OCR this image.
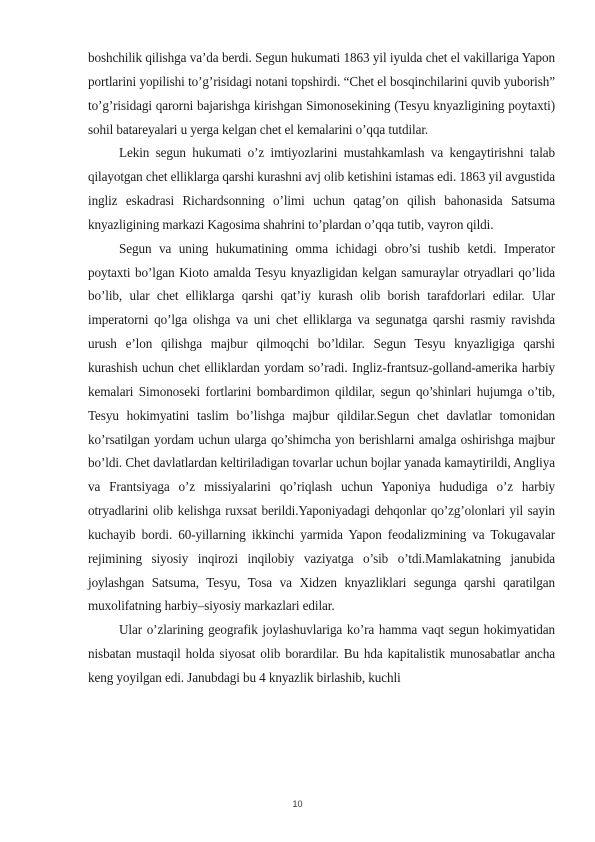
boshchilik qilishga va’da berdi. Segun hukumati 1863 yil iyulda chet el vakillariga Yapon portlarini yopilishi to’g’risidagi notani topshirdi. “Chet el bosqinchilarini quvib yuborish” to’g’risidagi qarorni bajarishga kirishgan Simonosekining (Tesyu knyazligining poytaxti) sohil batareyalari u yerga kelgan chet el kemalarini o’qqa tutdilar.

Lekin segun hukumati o’z imtiyozlarini mustahkamlash va kengaytirishni talab qilayotgan chet elliklarga qarshi kurashni avj olib ketishini istamas edi. 1863 yil avgustida ingliz eskadrasi Richardsonning o’limi uchun qatag’on qilish bahonasida Satsuma knyazligining markazi Kagosima shahrini to’plardan o’qqa tutib, vayron qildi.

Segun va uning hukumatining omma ichidagi obro’si tushib ketdi. Imperator poytaxti bo’lgan Kioto amalda Tesyu knyazligidan kelgan samuraylar otryadlari qo’lida bo’lib, ular chet elliklarga qarshi qat’iy kurash olib borish tarafdorlari edilar. Ular imperatorni qo’lga olishga va uni chet elliklarga va segunatga qarshi rasmiy ravishda urush e’lon qilishga majbur qilmoqchi bo’ldilar. Segun Tesyu knyazligiga qarshi kurashish uchun chet elliklardan yordam so’radi. Ingliz-frantsuz-golland-amerika harbiy kemalari Simonoseki fortlarini bombardimon qildilar, segun qo’shinlari hujumga o’tib, Tesyu hokimyatini taslim bo’lishga majbur qildilar.Segun chet davlatlar tomonidan ko’rsatilgan yordam uchun ularga qo’shimcha yon berishlarni amalga oshirishga majbur bo’ldi. Chet davlatlardan keltiriladigan tovarlar uchun bojlar yanada kamaytirildi, Angliya va Frantsiyaga o’z missiyalarini qo’riqlash uchun Yaponiya hududiga o’z harbiy otryadlarini olib kelishga ruxsat berildi.Yaponiyadagi dehqonlar qo’zg’olonlari yil sayin kuchayib bordi. 60-yillarning ikkinchi yarmida Yapon feodalizmining va Tokugavalar rejimining siyosiy inqirozi inqilobiy vaziyatga o’sib o’tdi.Mamlakatning janubida joylashgan Satsuma, Tesyu, Tosa va Xidzen knyazliklari segunga qarshi qaratilgan muxolifatning harbiy–siyosiy markazlari edilar.

Ular o’zlarining geografik joylashuvlariga ko’ra hamma vaqt segun hokimyatidan nisbatan mustaqil holda siyosat olib borardilar. Bu hda kapitalistik munosabatlar ancha keng yoyilgan edi. Janubdagi bu 4 knyazlik birlashib, kuchli

10
